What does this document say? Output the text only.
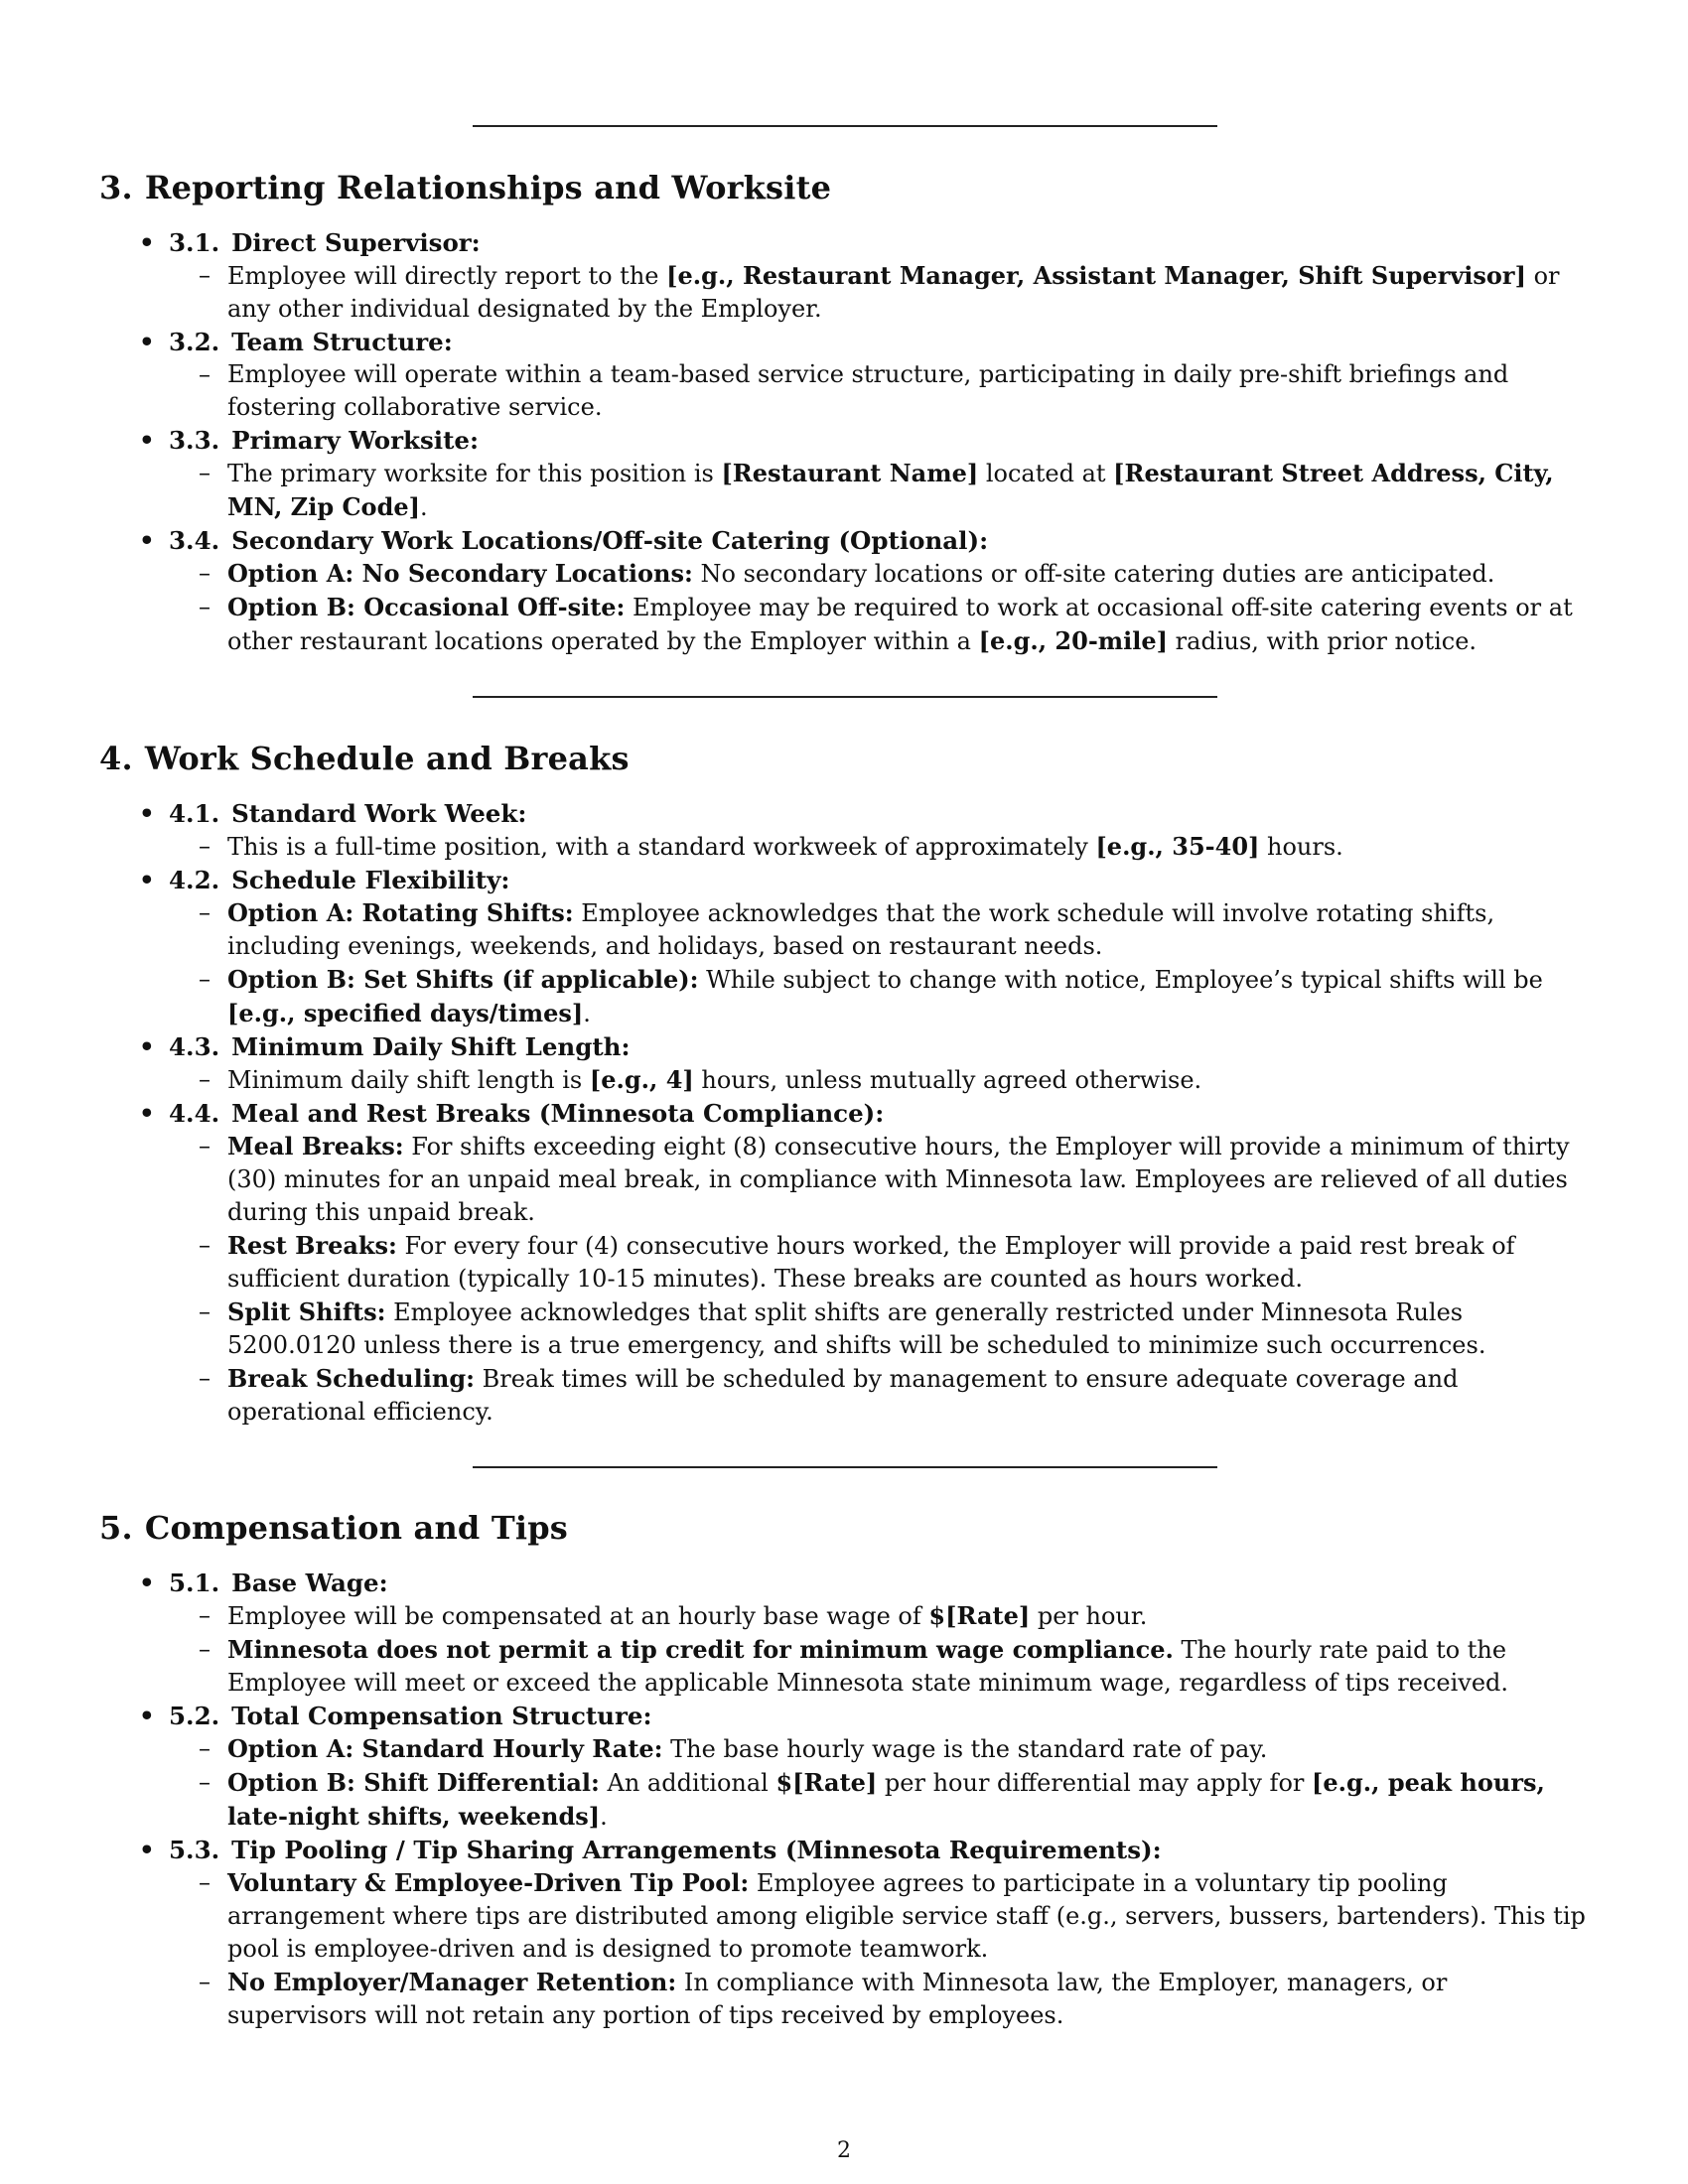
3. Reporting Relationships and Worksite
• 3.1. Direct Supervisor:
– Employee will directly report to the [e.g., Restaurant Manager, Assistant Manager, Shift Supervisor] or any other individual designated by the Employer.

• 3.2. Team Structure:
– Employee will operate within a team-based service structure, participating in daily pre-shift briefings and fostering collaborative service.

• 3.3. Primary Worksite:
– The primary worksite for this position is [Restaurant Name] located at [Restaurant Street Address, City, MN, Zip Code].

• 3.4. Secondary Work Locations/Off-site Catering (Optional):
– Option A: No Secondary Locations: No secondary locations or off-site catering duties are anticipated.

– Option B: Occasional Off-site: Employee may be required to work at occasional off-site catering events or at other restaurant locations operated by the Employer within a [e.g., 20-mile] radius, with prior notice.

4. Work Schedule and Breaks
• 4.1. Standard Work Week:
– This is a full-time position, with a standard workweek of approximately [e.g., 35-40] hours.

• 4.2. Schedule Flexibility:
– Option A: Rotating Shifts: Employee acknowledges that the work schedule will involve rotating shifts, including evenings, weekends, and holidays, based on restaurant needs.

– Option B: Set Shifts (if applicable): While subject to change with notice, Employee’s typical shifts will be [e.g., specified days/times].

• 4.3. Minimum Daily Shift Length:
– Minimum daily shift length is [e.g., 4] hours, unless mutually agreed otherwise.

• 4.4. Meal and Rest Breaks (Minnesota Compliance):
– Meal Breaks: For shifts exceeding eight (8) consecutive hours, the Employer will provide a minimum of thirty (30) minutes for an unpaid meal break, in compliance with Minnesota law. Employees are relieved of all duties during this unpaid break.

– Rest Breaks: For every four (4) consecutive hours worked, the Employer will provide a paid rest break of sufficient duration (typically 10-15 minutes). These breaks are counted as hours worked.

– Split Shifts: Employee acknowledges that split shifts are generally restricted under Minnesota Rules 5200.0120 unless there is a true emergency, and shifts will be scheduled to minimize such occurrences.

– Break Scheduling: Break times will be scheduled by management to ensure adequate coverage and operational efficiency.

5. Compensation and Tips
• 5.1. Base Wage:
– Employee will be compensated at an hourly base wage of $[Rate] per hour.

– Minnesota does not permit a tip credit for minimum wage compliance. The hourly rate paid to the Employee will meet or exceed the applicable Minnesota state minimum wage, regardless of tips received.

• 5.2. Total Compensation Structure:
– Option A: Standard Hourly Rate: The base hourly wage is the standard rate of pay.

– Option B: Shift Differential: An additional $[Rate] per hour differential may apply for [e.g., peak hours, late-night shifts, weekends].

• 5.3. Tip Pooling / Tip Sharing Arrangements (Minnesota Requirements):
– Voluntary & Employee-Driven Tip Pool: Employee agrees to participate in a voluntary tip pooling arrangement where tips are distributed among eligible service staff (e.g., servers, bussers, bartenders). This tip pool is employee-driven and is designed to promote teamwork.

– No Employer/Manager Retention: In compliance with Minnesota law, the Employer, managers, or supervisors will not retain any portion of tips received by employees.

2
